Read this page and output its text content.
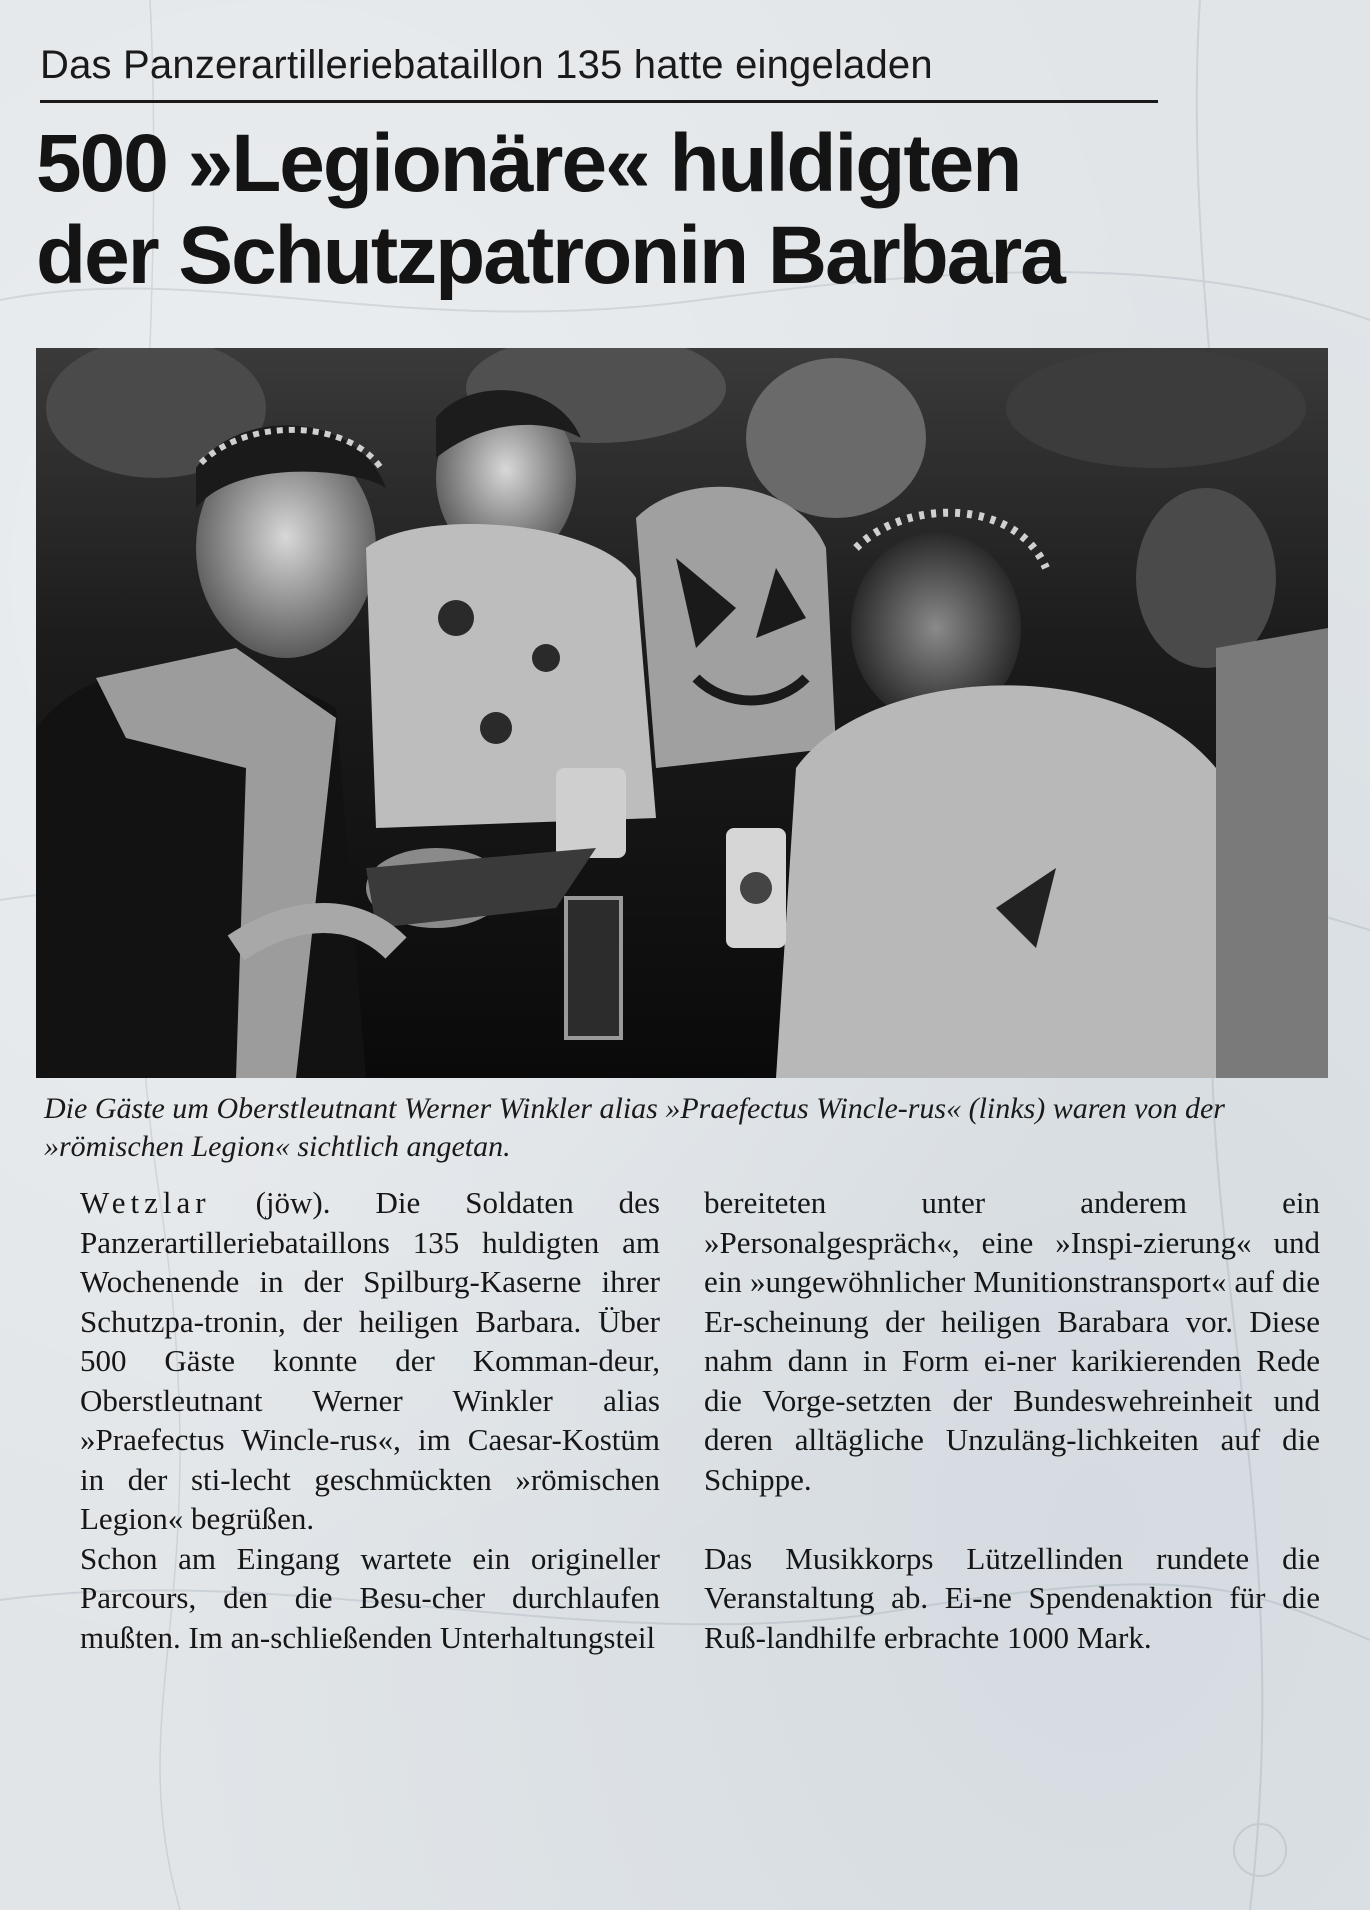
Das Panzerartilleriebataillon 135 hatte eingeladen
500 »Legionäre« huldigten
der Schutzpatronin Barbara
Die Gäste um Oberstleutnant Werner Winkler alias »Praefectus Wincle-rus« (links) waren von der »römischen Legion« sichtlich angetan.

Wetzlar (jöw). Die Soldaten des Panzerartilleriebataillons 135 huldigten am Wochenende in der Spilburg-Kaserne ihrer Schutzpa-tronin, der heiligen Barbara. Über 500 Gäste konnte der Komman-deur, Oberstleutnant Werner Winkler alias »Praefectus Wincle-rus«, im Caesar-Kostüm in der sti-lecht geschmückten »römischen Legion« begrüßen.

Schon am Eingang wartete ein origineller Parcours, den die Besu-cher durchlaufen mußten. Im an-schließenden Unterhaltungsteil

bereiteten unter anderem ein »Personalgespräch«, eine »Inspi-zierung« und ein »ungewöhnlicher Munitionstransport« auf die Er-scheinung der heiligen Barabara vor. Diese nahm dann in Form ei-ner karikierenden Rede die Vorge-setzten der Bundeswehreinheit und deren alltägliche Unzuläng-lichkeiten auf die Schippe.

Das Musikkorps Lützellinden rundete die Veranstaltung ab. Ei-ne Spendenaktion für die Ruß-landhilfe erbrachte 1000 Mark.
